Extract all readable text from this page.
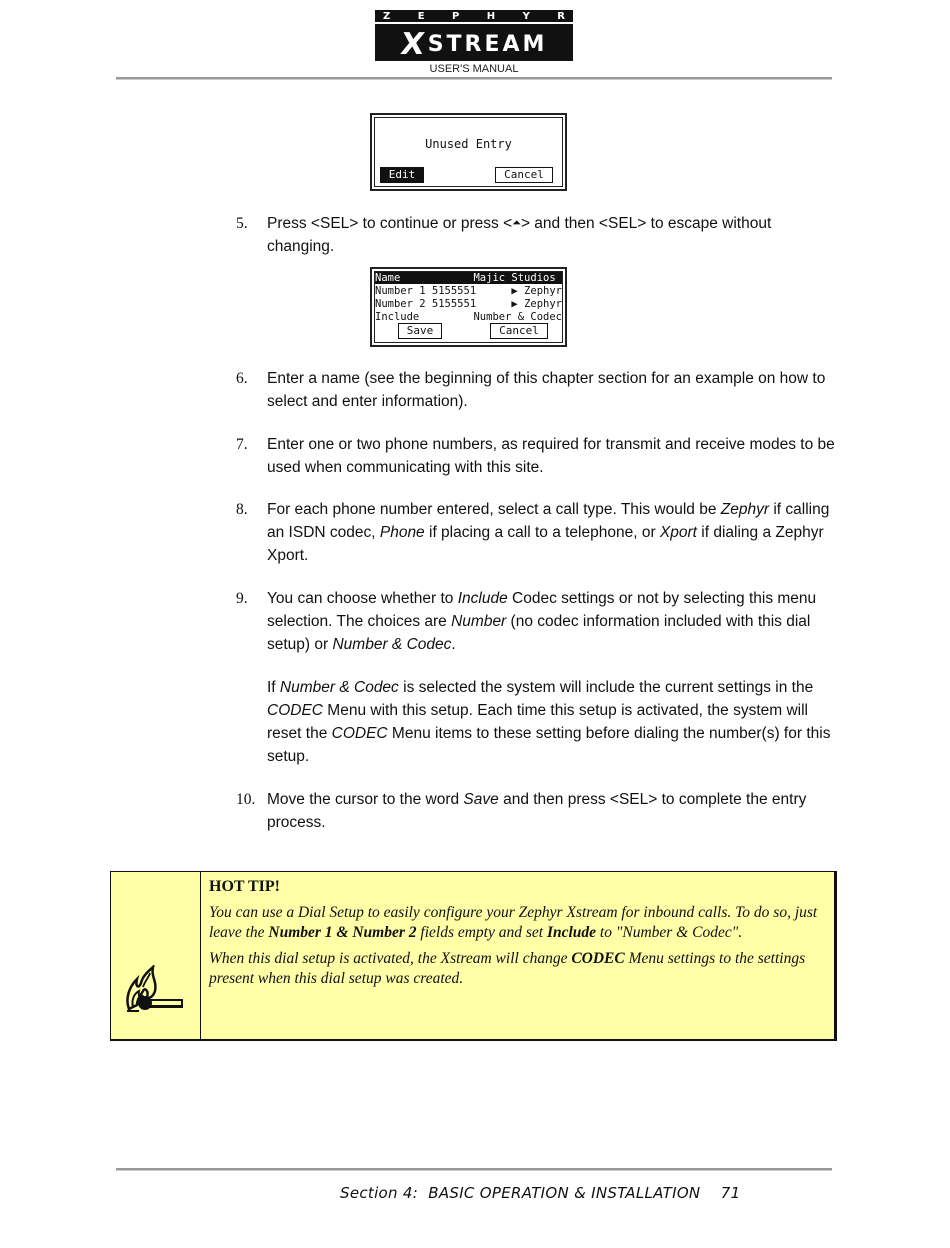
Z	E	P	H	Y	R
X
STREAM
USER'S MANUAL
Unused Entry
Edit	Cancel
5.	Press <SEL> to continue or press <⏶> and then <SEL> to escape without changing.
Name	Majic Studios
Number 1 5155551	▶ Zephyr
Number 2 5155551	▶ Zephyr
Include	Number & Codec
Save	Cancel
6.	Enter a name (see the beginning of this chapter section for an example on how to select and enter information).
7.	Enter one or two phone numbers, as required for transmit and receive modes to be used when communicating with this site.
8.	For each phone number entered, select a call type. This would be Zephyr if calling an ISDN codec, Phone if placing a call to a telephone, or Xport if dialing a Zephyr Xport.
9.	You can choose whether to Include Codec settings or not by selecting this menu selection. The choices are Number (no codec information included with this dial setup) or Number & Codec.
If Number & Codec is selected the system will include the current settings in the CODEC Menu with this setup. Each time this setup is activated, the system will reset the CODEC Menu items to these setting before dialing the number(s) for this setup.
10. Move the cursor to the word Save and then press <SEL> to complete the entry process.
HOT TIP!

You can use a Dial Setup to easily configure your Zephyr Xstream for inbound calls. To do so, just leave the Number 1 & Number 2 fields empty and set Include to "Number & Codec".

When this dial setup is activated, the Xstream will change CODEC Menu settings to the settings present when this dial setup was created.

Section 4:  BASIC OPERATION & INSTALLATION 71
